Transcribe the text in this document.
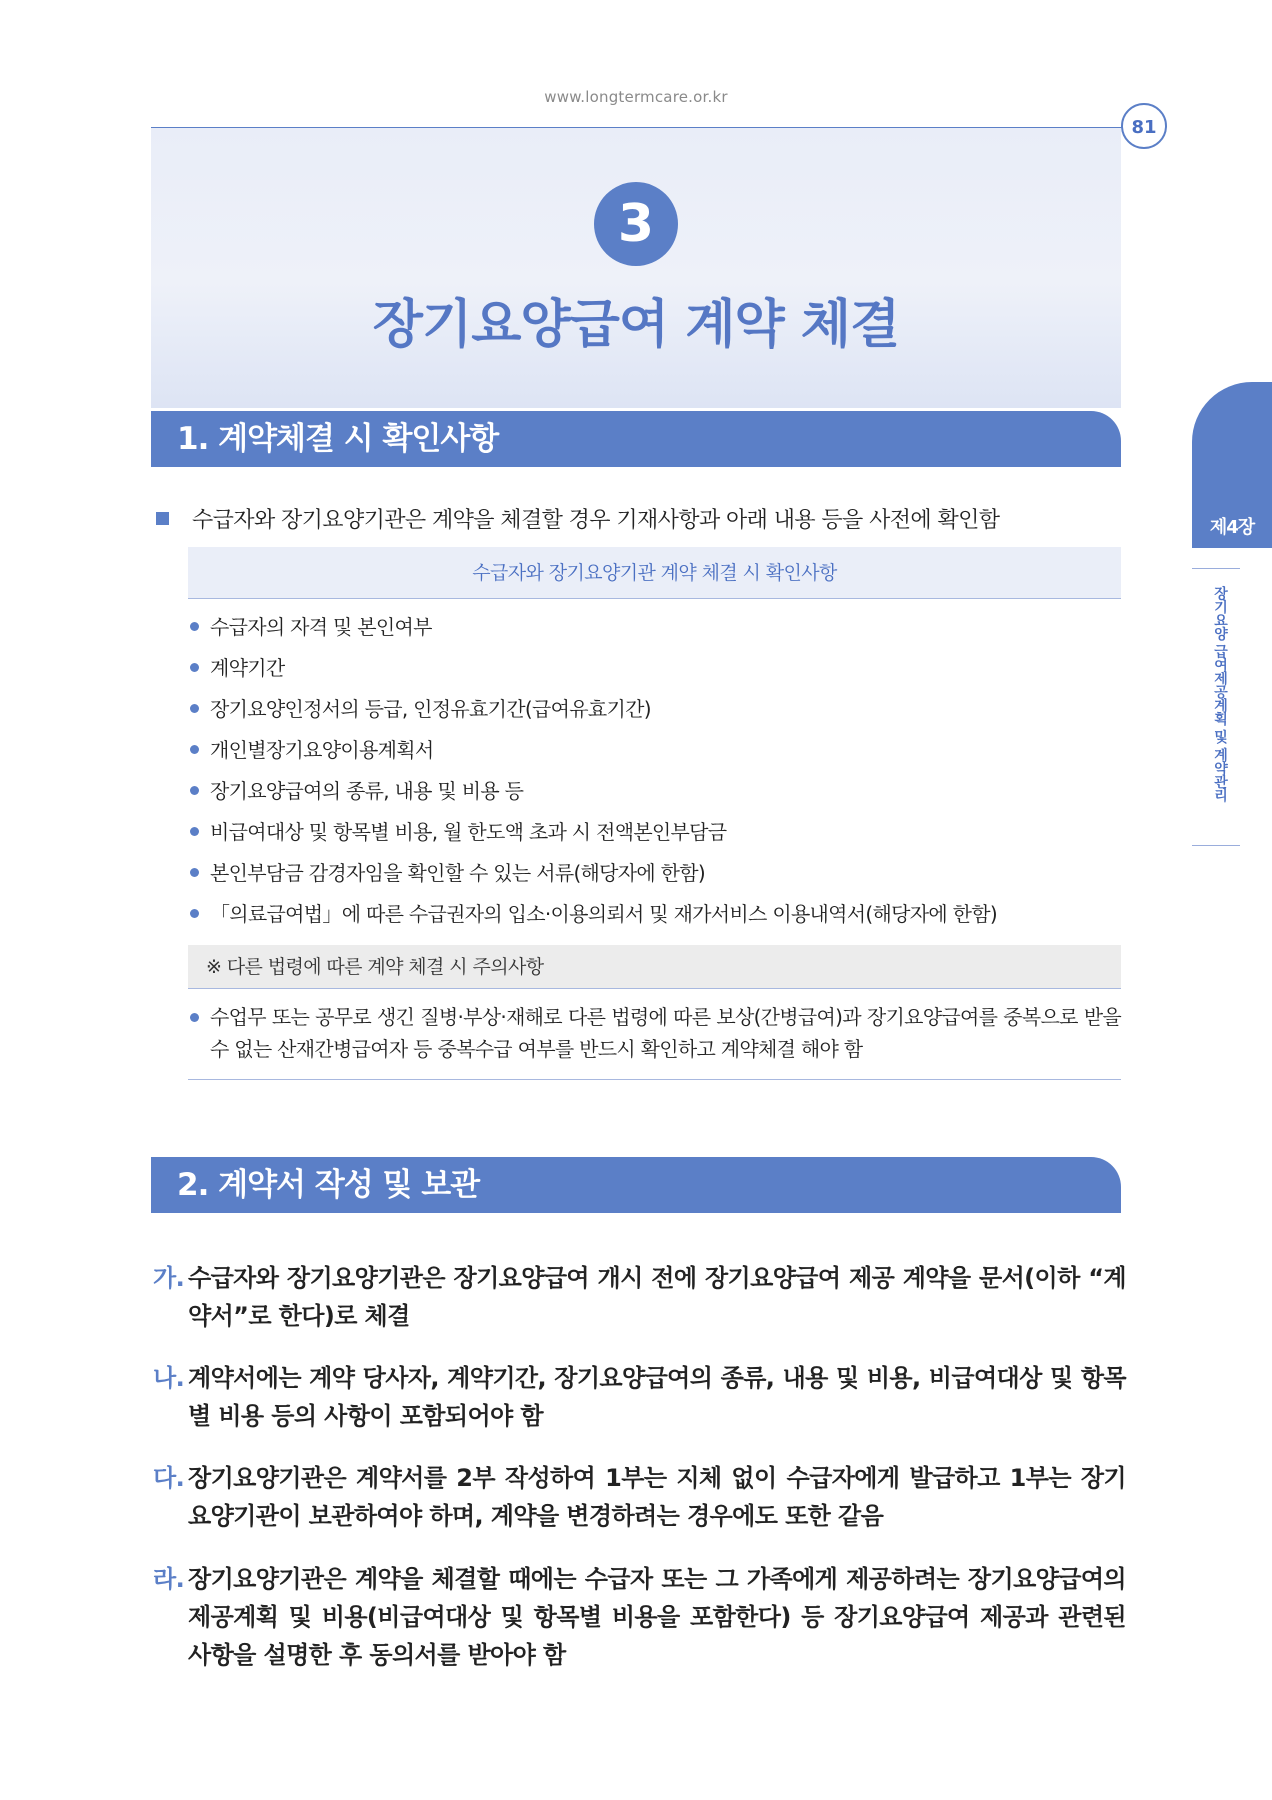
www.longtermcare.or.kr
81
3
장기요양급여 계약 체결
제4장
장기요양 급여제공계획 및 계약관리
1. 계약체결 시 확인사항
수급자와 장기요양기관은 계약을 체결할 경우 기재사항과 아래 내용 등을 사전에 확인함
수급자와 장기요양기관 계약 체결 시 확인사항
수급자의 자격 및 본인여부
계약기간
장기요양인정서의 등급, 인정유효기간(급여유효기간)
개인별장기요양이용계획서
장기요양급여의 종류, 내용 및 비용 등
비급여대상 및 항목별 비용, 월 한도액 초과 시 전액본인부담금
본인부담금 감경자임을 확인할 수 있는 서류(해당자에 한함)
「의료급여법」에 따른 수급권자의 입소·이용의뢰서 및 재가서비스 이용내역서(해당자에 한함)
※ 다른 법령에 따른 계약 체결 시 주의사항
수업무 또는 공무로 생긴 질병·부상·재해로 다른 법령에 따른 보상(간병급여)과 장기요양급여를 중복으로 받을 수 없는 산재간병급여자 등 중복수급 여부를 반드시 확인하고 계약체결 해야 함
2. 계약서 작성 및 보관
가. 수급자와 장기요양기관은 장기요양급여 개시 전에 장기요양급여 제공 계약을 문서(이하 “계약서”로 한다)로 체결
나. 계약서에는 계약 당사자, 계약기간, 장기요양급여의 종류, 내용 및 비용, 비급여대상 및 항목별 비용 등의 사항이 포함되어야 함
다. 장기요양기관은 계약서를 2부 작성하여 1부는 지체 없이 수급자에게 발급하고 1부는 장기요양기관이 보관하여야 하며, 계약을 변경하려는 경우에도 또한 같음
라. 장기요양기관은 계약을 체결할 때에는 수급자 또는 그 가족에게 제공하려는 장기요양급여의 제공계획 및 비용(비급여대상 및 항목별 비용을 포함한다) 등 장기요양급여 제공과 관련된 사항을 설명한 후 동의서를 받아야 함
